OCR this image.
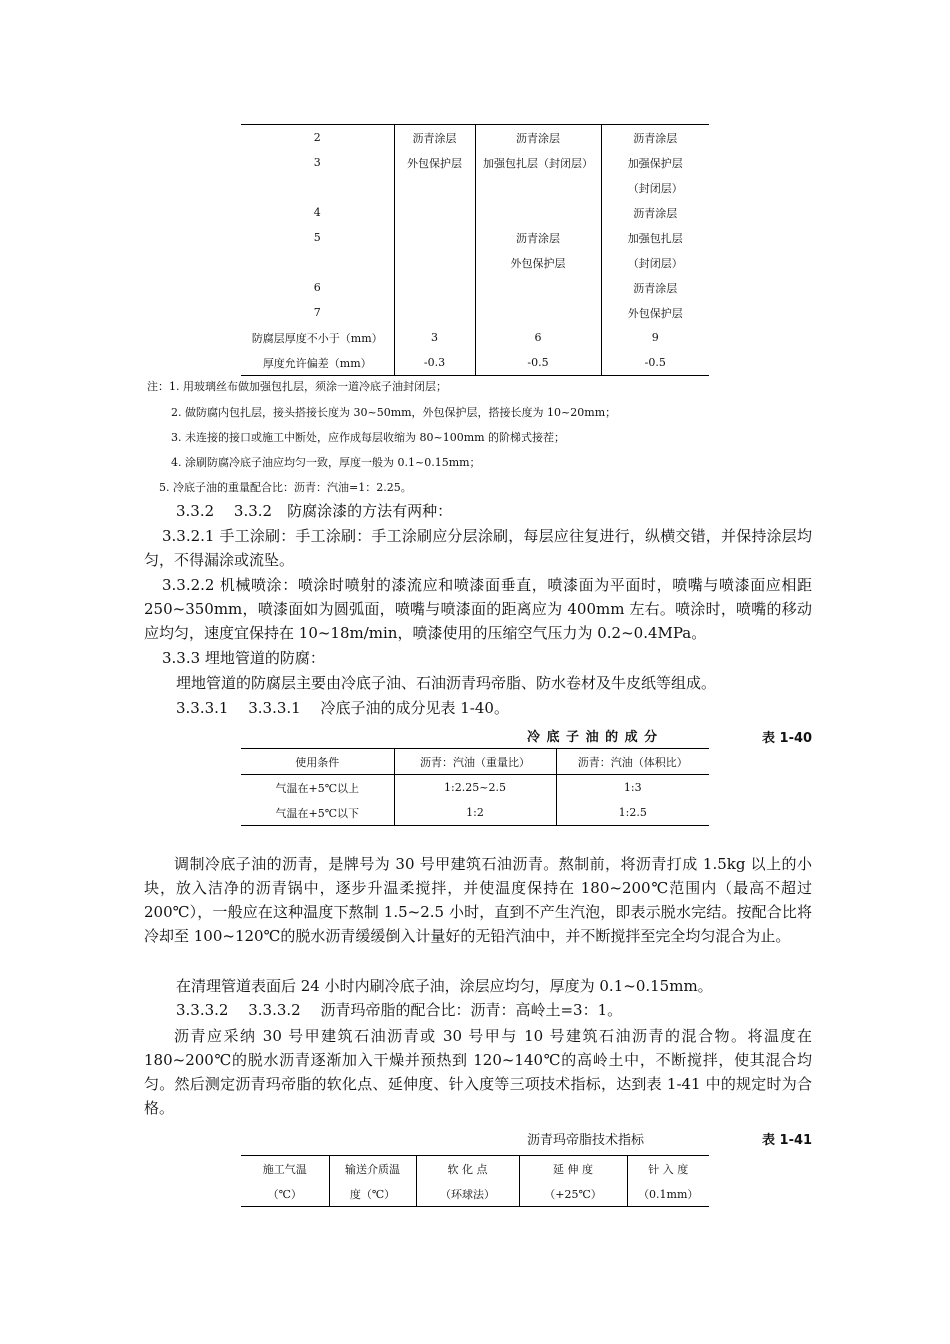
2	沥青涂层	沥青涂层	沥青涂层
3	外包保护层	加强包扎层（封闭层）	加强保护层
			（封闭层）
4			沥青涂层
5		沥青涂层	加强包扎层
		外包保护层	（封闭层）
6			沥青涂层
7			外包保护层
防腐层厚度不小于（mm）	3	6	9
厚度允许偏差（mm）	-0.3	-0.5	-0.5
注：1. 用玻璃丝布做加强包扎层，须涂一道冷底子油封闭层；
2. 做防腐内包扎层，接头搭接长度为 30~50mm，外包保护层，搭接长度为 10~20mm；
3. 未连接的接口或施工中断处，应作成每层收缩为 80~100mm 的阶梯式接茬；
4. 涂刷防腐冷底子油应均匀一致，厚度一般为 0.1~0.15mm；
5. 冷底子油的重量配合比：沥青：汽油=1：2.25。
3.3.2　 3.3.2　防腐涂漆的方法有两种：
3.3.2.1 手工涂刷：手工涂刷：手工涂刷应分层涂刷，每层应往复进行，纵横交错，并保持涂层均匀，不得漏涂或流坠。
3.3.2.2 机械喷涂：喷涂时喷射的漆流应和喷漆面垂直，喷漆面为平面时，喷嘴与喷漆面应相距 250~350mm，喷漆面如为圆弧面，喷嘴与喷漆面的距离应为 400mm 左右。喷涂时，喷嘴的移动应均匀，速度宜保持在 10~18m/min，喷漆使用的压缩空气压力为 0.2~0.4MPa。
3.3.3 埋地管道的防腐：
埋地管道的防腐层主要由冷底子油、石油沥青玛帝脂、防水卷材及牛皮纸等组成。
3.3.3.1　 3.3.3.1　 冷底子油的成分见表 1-40。
冷 底 子 油 的 成 分	表 1-40
使用条件	沥青：汽油（重量比）	沥青：汽油（体积比）
气温在+5℃以上	1:2.25~2.5	1:3
气温在+5℃以下	1:2	1:2.5
调制冷底子油的沥青，是牌号为 30 号甲建筑石油沥青。熬制前，将沥青打成 1.5kg 以上的小块，放入洁净的沥青锅中，逐步升温柔搅拌，并使温度保持在 180~200℃范围内（最高不超过 200℃），一般应在这种温度下熬制 1.5~2.5 小时，直到不产生汽泡，即表示脱水完结。按配合比将冷却至 100~120℃的脱水沥青缓缓倒入计量好的无铅汽油中，并不断搅拌至完全均匀混合为止。
在清理管道表面后 24 小时内刷冷底子油，涂层应均匀，厚度为 0.1~0.15mm。
3.3.3.2　 3.3.3.2　 沥青玛帝脂的配合比：沥青：高岭土=3：1。
沥青应采纳 30 号甲建筑石油沥青或 30 号甲与 10 号建筑石油沥青的混合物。将温度在 180~200℃的脱水沥青逐渐加入干燥并预热到 120~140℃的高岭土中，不断搅拌，使其混合均匀。然后测定沥青玛帝脂的软化点、延伸度、针入度等三项技术指标，达到表 1-41 中的规定时为合格。
沥青玛帝脂技术指标	表 1-41
施工气温	输送介质温	软 化 点	延 伸 度	针 入 度
（℃）	度（℃）	（环球法）	（+25℃）	（0.1mm）
